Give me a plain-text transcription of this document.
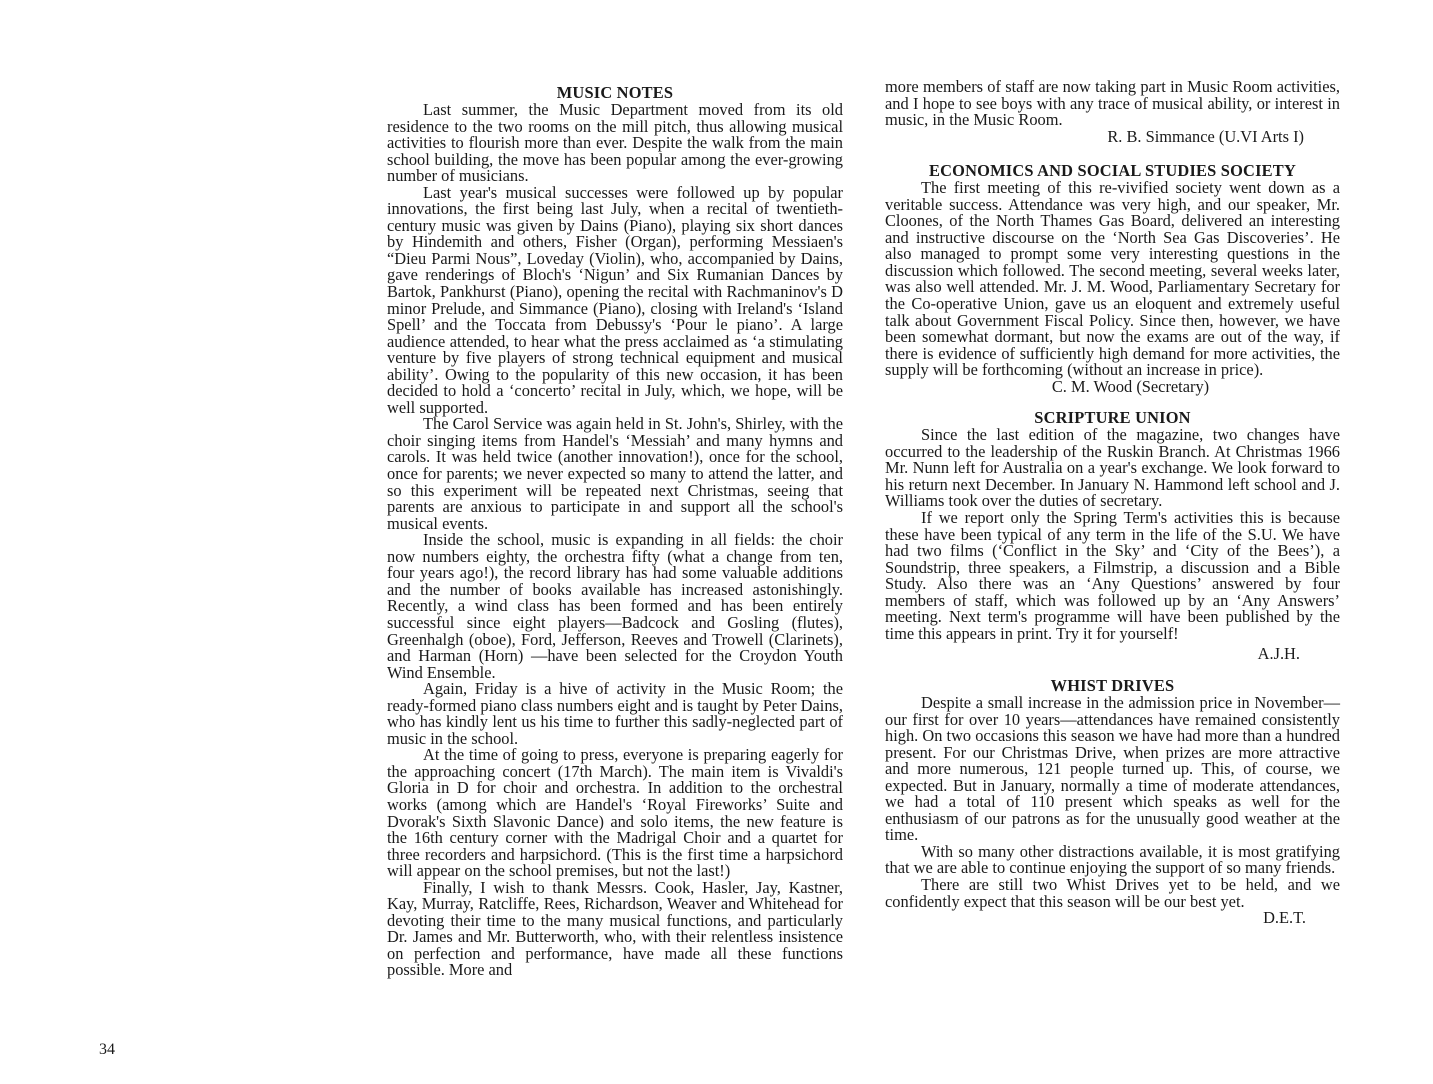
MUSIC NOTES

Last summer, the Music Department moved from its old residence to the two rooms on the mill pitch, thus allowing musical activities to flourish more than ever. Despite the walk from the main school building, the move has been popular among the ever-growing number of musicians.

Last year's musical successes were followed up by popular innovations, the first being last July, when a recital of twentieth-century music was given by Dains (Piano), playing six short dances by Hindemith and others, Fisher (Organ), performing Messiaen's “Dieu Parmi Nous”, Loveday (Violin), who, accompanied by Dains, gave renderings of Bloch's ‘Nigun’ and Six Rumanian Dances by Bartok, Pankhurst (Piano), opening the recital with Rachmaninov's D minor Prelude, and Simmance (Piano), closing with Ireland's ‘Island Spell’ and the Toccata from Debussy's ‘Pour le piano’. A large audience attended, to hear what the press acclaimed as ‘a stimulating venture by five players of strong technical equipment and musical ability’. Owing to the popularity of this new occasion, it has been decided to hold a ‘concerto’ recital in July, which, we hope, will be well supported.

The Carol Service was again held in St. John's, Shirley, with the choir singing items from Handel's ‘Messiah’ and many hymns and carols. It was held twice (another innovation!), once for the school, once for parents; we never expected so many to attend the latter, and so this experiment will be repeated next Christmas, seeing that parents are anxious to participate in and support all the school's musical events.

Inside the school, music is expanding in all fields: the choir now numbers eighty, the orchestra fifty (what a change from ten, four years ago!), the record library has had some valuable additions and the number of books available has increased astonishingly. Recently, a wind class has been formed and has been entirely successful since eight players—Badcock and Gosling (flutes), Greenhalgh (oboe), Ford, Jefferson, Reeves and Trowell (Clarinets), and Harman (Horn) —have been selected for the Croydon Youth Wind Ensemble.

Again, Friday is a hive of activity in the Music Room; the ready-formed piano class numbers eight and is taught by Peter Dains, who has kindly lent us his time to further this sadly-neglected part of music in the school.

At the time of going to press, everyone is preparing eagerly for the approaching concert (17th March). The main item is Vivaldi's Gloria in D for choir and orchestra. In addition to the orchestral works (among which are Handel's ‘Royal Fireworks’ Suite and Dvorak's Sixth Slavonic Dance) and solo items, the new feature is the 16th century corner with the Madrigal Choir and a quartet for three recorders and harpsichord. (This is the first time a harpsichord will appear on the school premises, but not the last!)

Finally, I wish to thank Messrs. Cook, Hasler, Jay, Kastner, Kay, Murray, Ratcliffe, Rees, Richardson, Weaver and Whitehead for devoting their time to the many musical functions, and particularly Dr. James and Mr. Butterworth, who, with their relentless insistence on perfection and performance, have made all these functions possible. More and

more members of staff are now taking part in Music Room activities, and I hope to see boys with any trace of musical ability, or interest in music, in the Music Room.

R. B. Simmance (U.VI Arts I)

ECONOMICS AND SOCIAL STUDIES SOCIETY

The first meeting of this re-vivified society went down as a veritable success. Attendance was very high, and our speaker, Mr. Cloones, of the North Thames Gas Board, delivered an interesting and instructive discourse on the ‘North Sea Gas Discoveries’. He also managed to prompt some very interesting questions in the discussion which followed. The second meeting, several weeks later, was also well attended. Mr. J. M. Wood, Parliamentary Secretary for the Co-operative Union, gave us an eloquent and extremely useful talk about Government Fiscal Policy. Since then, however, we have been somewhat dormant, but now the exams are out of the way, if there is evidence of sufficiently high demand for more activities, the supply will be forthcoming (without an increase in price).

C. M. Wood (Secretary)

SCRIPTURE UNION

Since the last edition of the magazine, two changes have occurred to the leadership of the Ruskin Branch. At Christmas 1966 Mr. Nunn left for Australia on a year's exchange. We look forward to his return next December. In January N. Hammond left school and J. Williams took over the duties of secretary.

If we report only the Spring Term's activities this is because these have been typical of any term in the life of the S.U. We have had two films (‘Conflict in the Sky’ and ‘City of the Bees’), a Soundstrip, three speakers, a Filmstrip, a discussion and a Bible Study. Also there was an ‘Any Questions’ answered by four members of staff, which was followed up by an ‘Any Answers’ meeting. Next term's programme will have been published by the time this appears in print. Try it for yourself!

A.J.H.

WHIST DRIVES

Despite a small increase in the admission price in November—our first for over 10 years—attendances have remained consistently high. On two occasions this season we have had more than a hundred present. For our Christmas Drive, when prizes are more attractive and more numerous, 121 people turned up. This, of course, we expected. But in January, normally a time of moderate attendances, we had a total of 110 present which speaks as well for the enthusiasm of our patrons as for the unusually good weather at the time.

With so many other distractions available, it is most gratifying that we are able to continue enjoying the support of so many friends.

There are still two Whist Drives yet to be held, and we confidently expect that this season will be our best yet.

D.E.T.

34
